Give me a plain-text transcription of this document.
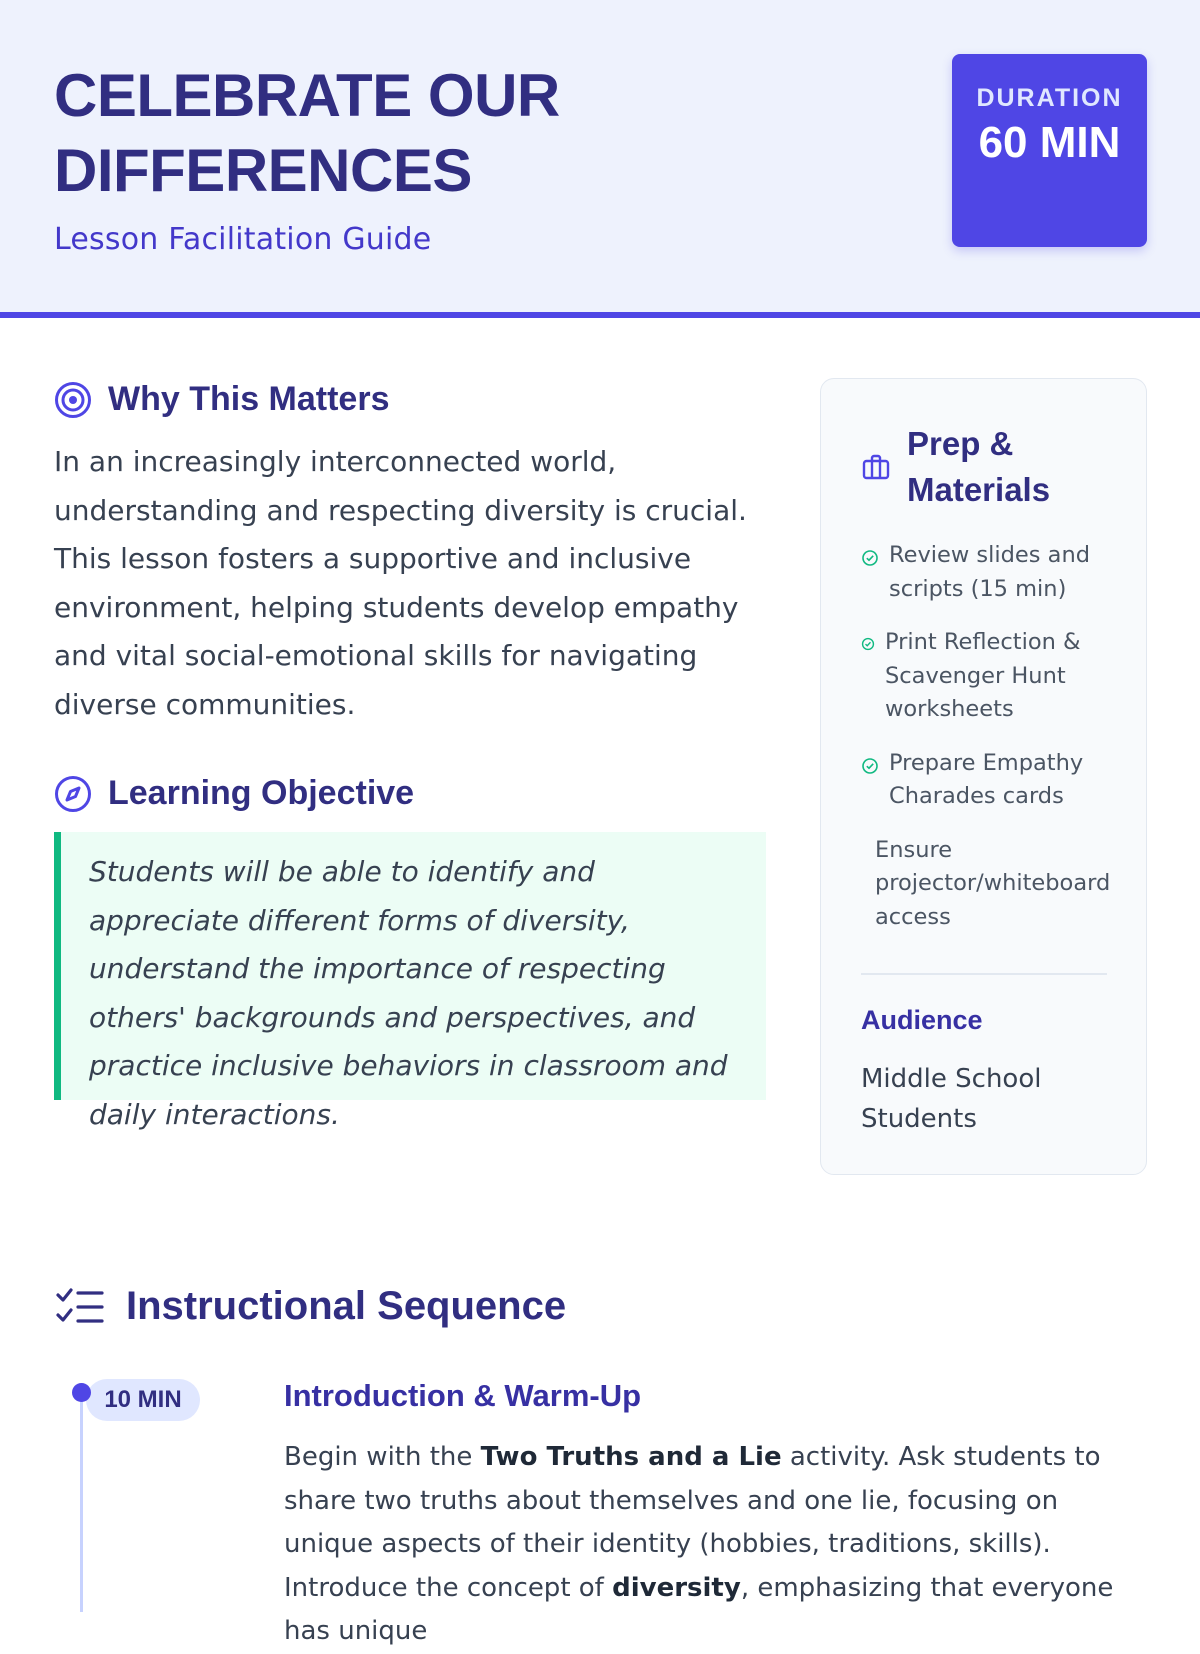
CELEBRATE OUR DIFFERENCES
Lesson Facilitation Guide
DURATION
60 MIN
Why This Matters

In an increasingly interconnected world, understanding and respecting diversity is crucial. This lesson fosters a supportive and inclusive environment, helping students develop empathy and vital social-emotional skills for navigating diverse communities.

Learning Objective

Students will be able to identify and appreciate different forms of diversity, understand the importance of respecting others' backgrounds and perspectives, and practice inclusive behaviors in classroom and daily interactions.

Prep & Materials
Review slides and scripts (15 min)
Print Reflection & Scavenger Hunt worksheets
Prepare Empathy Charades cards
Ensure projector/whiteboard access
Audience
Middle School Students
Instructional Sequence
10 MIN	Introduction & Warm-Up

Begin with the Two Truths and a Lie activity. Ask students to share two truths about themselves and one lie, focusing on unique aspects of their identity (hobbies, traditions, skills). Introduce the concept of diversity, emphasizing that everyone has unique
